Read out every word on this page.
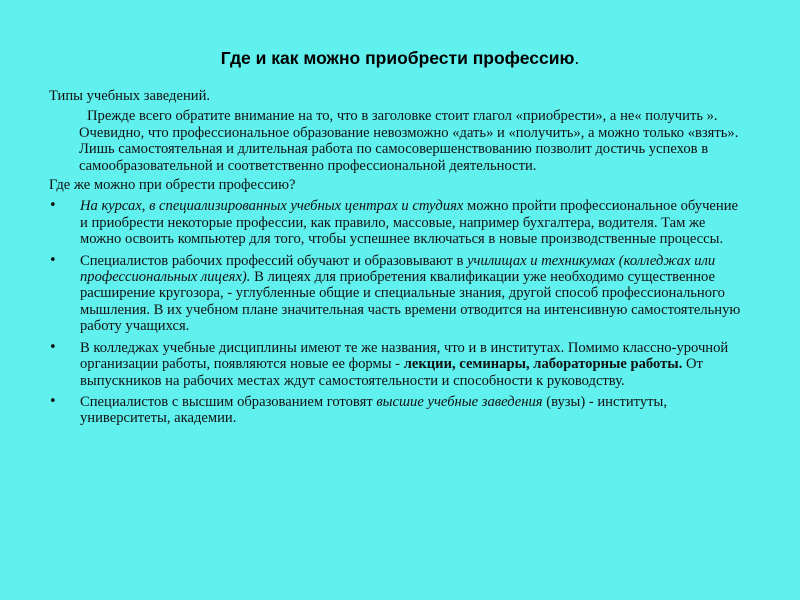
Где и как можно приобрести профессию.

Типы учебных заведений.

Прежде всего обратите внимание на то, что в заголовке стоит глагол «приобрести», а не« получить ». Очевидно, что профессиональное образование невозможно «дать» и «получить», а можно только «взять». Лишь самостоятельная и длительная работа по самосовершенствованию позволит достичь успехов в самообразовательной и соответственно профессиональной деятельности.

Где же можно при обрести профессию?

• На курсах, в специализированных учебных центрах и студиях можно пройти профессиональное обучение и приобрести некоторые профессии, как правило, массовые, например бухгалтера, водителя. Там же можно освоить компьютер для того, чтобы успешнее включаться в новые производственные процессы.
• Специалистов рабочих профессий обучают и образовывают в училищах и техникумах (колледжах или профессиональных лицеях). В лицеях для приобретения квалификации уже необходимо существенное расширение кругозора, - углубленные общие и специальные знания, другой способ профессионального мышления. В их учебном плане значительная часть времени отводится на интенсивную самостоятельную работу учащихся.
• В колледжах учебные дисциплины имеют те же названия, что и в институтах. Помимо классно-урочной организации работы, появляются новые ее формы - лекции, семинары, лабораторные работы. От выпускников на рабочих местах ждут самостоятельности и способности к руководству.
• Специалистов с высшим образованием готовят высшие учебные заведения (вузы) - институты, университеты, академии.
